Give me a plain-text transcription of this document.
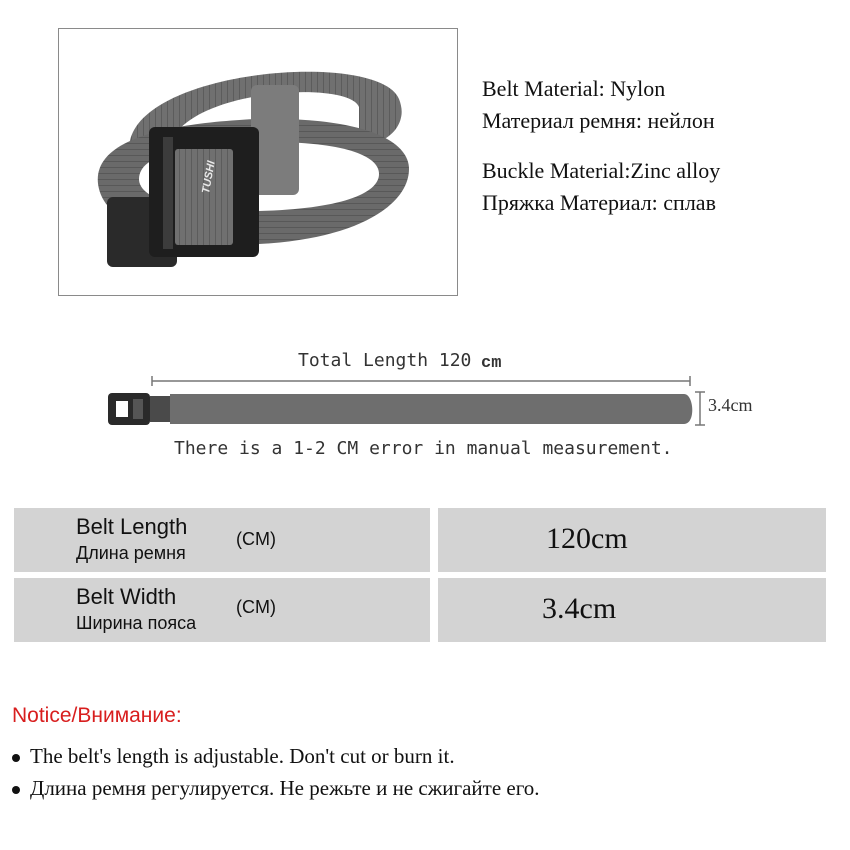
TUSHI
Belt Material: Nylon
Материал ремня: нейлон
Buckle Material:Zinc alloy
Пряжка Материал: сплав
Total Length 120 cm
3.4cm
There is a 1-2 CM error in manual measurement.
Belt Length
Длина ремня
(CM)	120cm
Belt Width
Ширина пояса
(CM)	3.4cm
Notice/Внимание:
The belt's length is adjustable. Don't cut or burn it.
Длина ремня регулируется. Не режьте и не сжигайте его.
